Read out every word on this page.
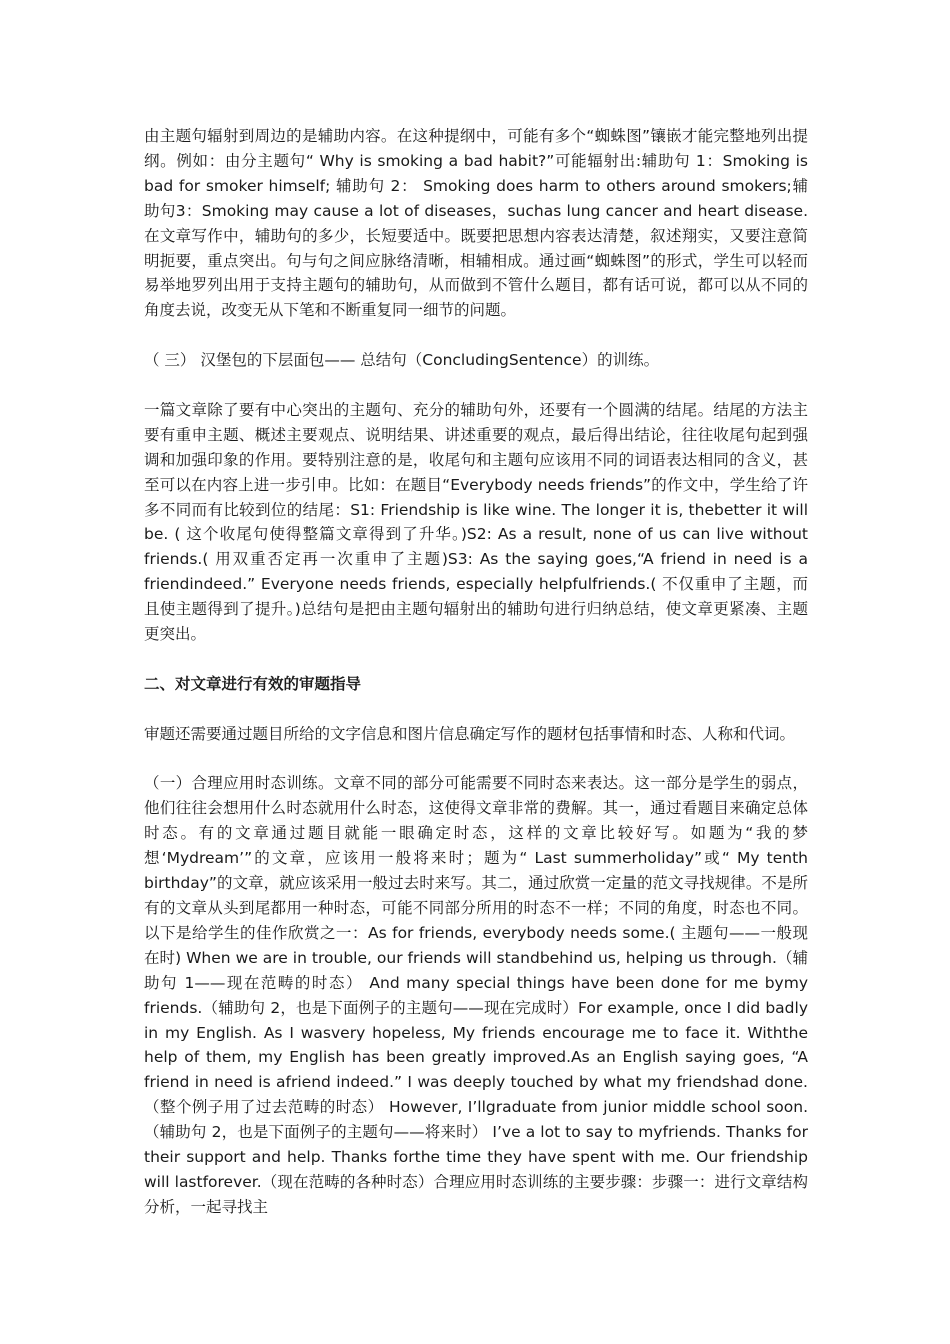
由主题句辐射到周边的是辅助内容。在这种提纲中，可能有多个“蜘蛛图”镶嵌才能完整地列出提纲。例如：由分主题句“ Why is smoking a bad habit?”可能辐射出:辅助句 1：Smoking is bad for smoker himself; 辅助句 2： Smoking does harm to others around smokers;辅助句3：Smoking may cause a lot of diseases，suchas lung cancer and heart disease.在文章写作中，辅助句的多少，长短要适中。既要把思想内容表达清楚，叙述翔实，又要注意简明扼要，重点突出。句与句之间应脉络清晰，相辅相成。通过画“蜘蛛图”的形式，学生可以轻而易举地罗列出用于支持主题句的辅助句，从而做到不管什么题目，都有话可说，都可以从不同的角度去说，改变无从下笔和不断重复同一细节的问题。

（ 三） 汉堡包的下层面包—— 总结句（ConcludingSentence）的训练。

一篇文章除了要有中心突出的主题句、充分的辅助句外，还要有一个圆满的结尾。结尾的方法主要有重申主题、概述主要观点、说明结果、讲述重要的观点，最后得出结论，往往收尾句起到强调和加强印象的作用。要特别注意的是，收尾句和主题句应该用不同的词语表达相同的含义，甚至可以在内容上进一步引申。比如：在题目“Everybody needs friends”的作文中，学生给了许多不同而有比较到位的结尾：S1: Friendship is like wine. The longer it is, thebetter it will be. ( 这个收尾句使得整篇文章得到了升华。)S2: As a result, none of us can live without friends.( 用双重否定再一次重申了主题)S3: As the saying goes,“A friend in need is a friendindeed.” Everyone needs friends, especially helpfulfriends.( 不仅重申了主题，而且使主题得到了提升。)总结句是把由主题句辐射出的辅助句进行归纳总结，使文章更紧凑、主题更突出。

二、对文章进行有效的审题指导

审题还需要通过题目所给的文字信息和图片信息确定写作的题材包括事情和时态、人称和代词。

（一）合理应用时态训练。文章不同的部分可能需要不同时态来表达。这一部分是学生的弱点，他们往往会想用什么时态就用什么时态，这使得文章非常的费解。其一，通过看题目来确定总体时态。有的文章通过题目就能一眼确定时态，这样的文章比较好写。如题为“我的梦想‘Mydream’”的文章，应该用一般将来时；题为“ Last summerholiday”或“ My tenth birthday”的文章，就应该采用一般过去时来写。其二，通过欣赏一定量的范文寻找规律。不是所有的文章从头到尾都用一种时态，可能不同部分所用的时态不一样；不同的角度，时态也不同。以下是给学生的佳作欣赏之一：As for friends, everybody needs some.( 主题句——一般现在时) When we are in trouble, our friends will standbehind us, helping us through.（辅助句 1——现在范畴的时态） And many special things have been done for me bymy friends.（辅助句 2，也是下面例子的主题句——现在完成时）For example, once I did badly in my English. As I wasvery hopeless, My friends encourage me to face it. Withthe help of them, my English has been greatly improved.As an English saying goes, “A friend in need is afriend indeed.” I was deeply touched by what my friendshad done.（整个例子用了过去范畴的时态） However, I’llgraduate from junior middle school soon. （辅助句 2，也是下面例子的主题句——将来时） I’ve a lot to say to myfriends. Thanks for their support and help. Thanks forthe time they have spent with me. Our friendship will lastforever.（现在范畴的各种时态）合理应用时态训练的主要步骤：步骤一：进行文章结构分析，一起寻找主
